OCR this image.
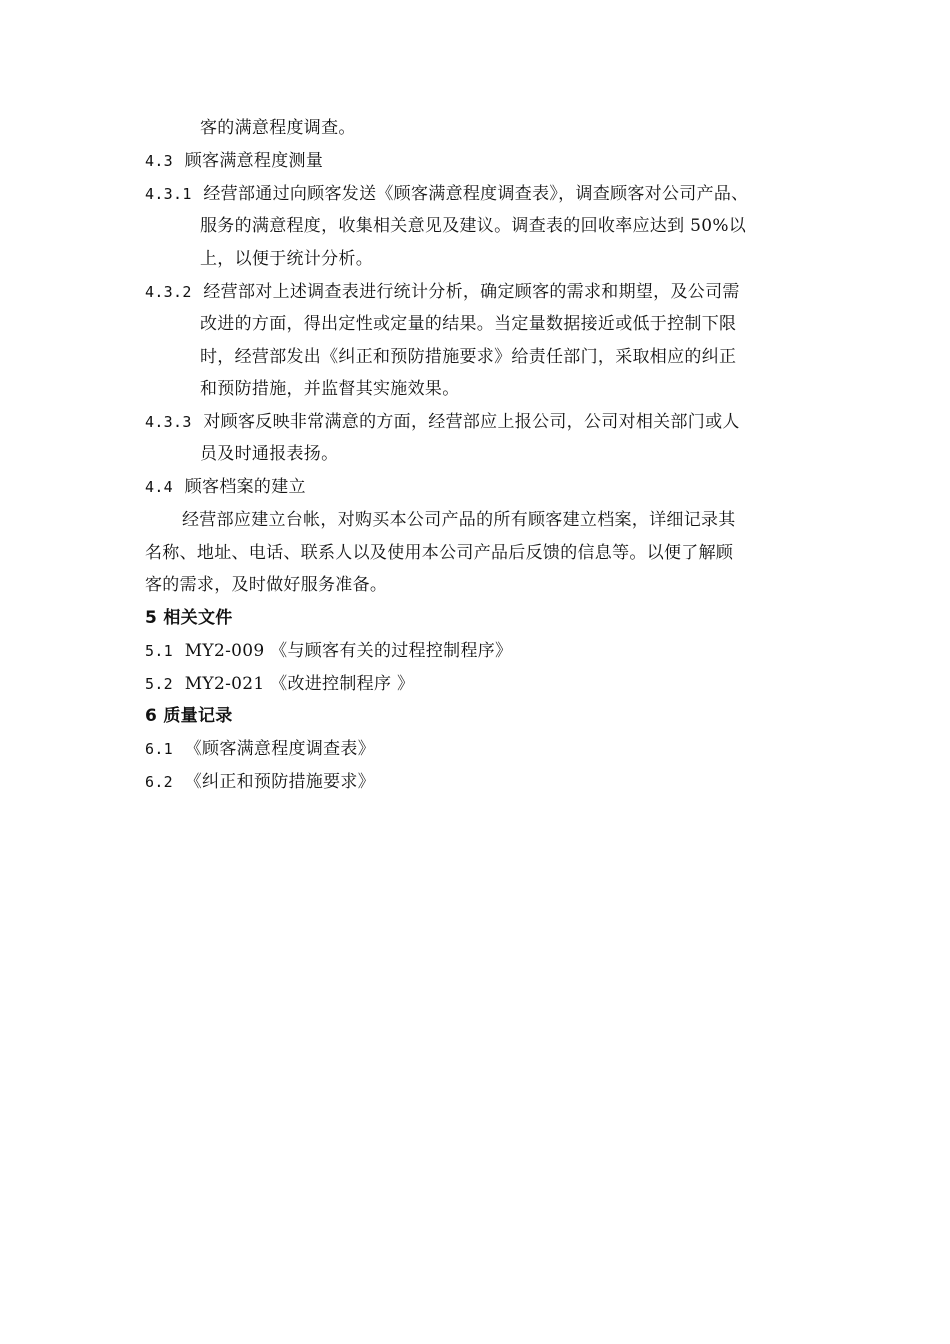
客的满意程度调查。
4.3 顾客满意程度测量
4.3.1 经营部通过向顾客发送《顾客满意程度调查表》，调查顾客对公司产品、
服务的满意程度，收集相关意见及建议。调查表的回收率应达到 50%以
上，以便于统计分析。
4.3.2 经营部对上述调查表进行统计分析，确定顾客的需求和期望，及公司需
改进的方面，得出定性或定量的结果。当定量数据接近或低于控制下限
时，经营部发出《纠正和预防措施要求》给责任部门，采取相应的纠正
和预防措施，并监督其实施效果。
4.3.3 对顾客反映非常满意的方面，经营部应上报公司，公司对相关部门或人
员及时通报表扬。
4.4 顾客档案的建立
经营部应建立台帐，对购买本公司产品的所有顾客建立档案，详细记录其
名称、地址、电话、联系人以及使用本公司产品后反馈的信息等。以便了解顾
客的需求，及时做好服务准备。
5 相关文件
5.1 MY2-009 《与顾客有关的过程控制程序》
5.2 MY2-021 《改进控制程序 》
6 质量记录
6.1 《顾客满意程度调查表》
6.2 《纠正和预防措施要求》
